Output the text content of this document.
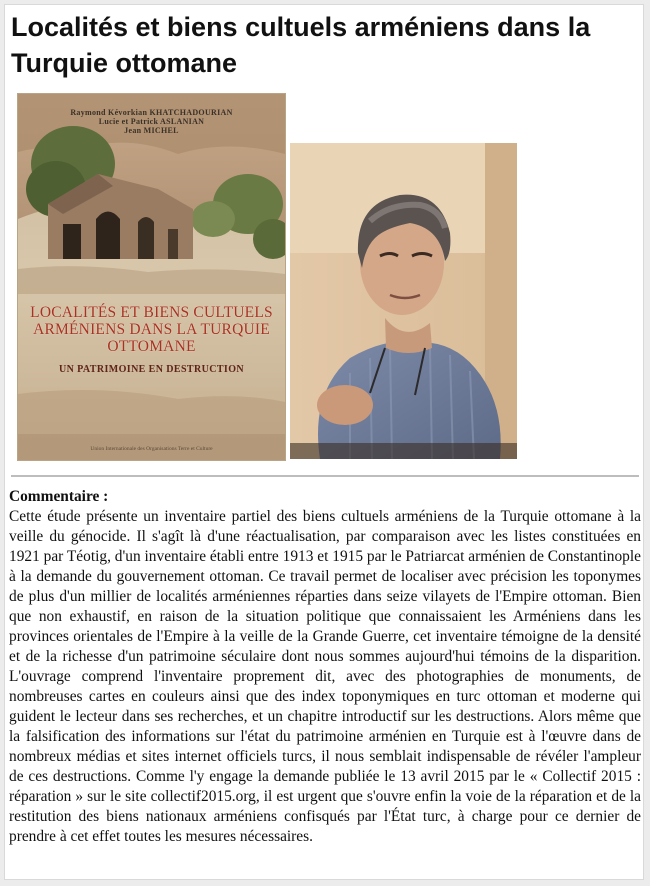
Localités et biens cultuels arméniens dans la Turquie ottomane
Raymond Kévorkian KHATCHADOURIAN
Lucie et Patrick ASLANIAN
Jean MICHEL
LOCALITÉS ET BIENS CULTUELS ARMÉNIENS DANS LA TURQUIE OTTOMANE
UN PATRIMOINE EN DESTRUCTION
Union Internationale des Organisations Terre et Culture

Commentaire :

Cette étude présente un inventaire partiel des biens cultuels arméniens de la Turquie ottomane à la veille du génocide. Il s'agît là d'une réactualisation, par comparaison avec les listes constituées en 1921 par Téotig, d'un inventaire établi entre 1913 et 1915 par le Patriarcat arménien de Constantinople à la demande du gouvernement ottoman. Ce travail permet de localiser avec précision les toponymes de plus d'un millier de localités arméniennes réparties dans seize vilayets de l'Empire ottoman. Bien que non exhaustif, en raison de la situation politique que connaissaient les Arméniens dans les provinces orientales de l'Empire à la veille de la Grande Guerre, cet inventaire témoigne de la densité et de la richesse d'un patrimoine séculaire dont nous sommes aujourd'hui témoins de la disparition. L'ouvrage comprend l'inventaire proprement dit, avec des photographies de monuments, de nombreuses cartes en couleurs ainsi que des index toponymiques en turc ottoman et moderne qui guident le lecteur dans ses recherches, et un chapitre introductif sur les destructions. Alors même que la falsification des informations sur l'état du patrimoine arménien en Turquie est à l'œuvre dans de nombreux médias et sites internet officiels turcs, il nous semblait indispensable de révéler l'ampleur de ces destructions. Comme l'y engage la demande publiée le 13 avril 2015 par le « Collectif 2015 : réparation » sur le site collectif2015.org, il est urgent que s'ouvre enfin la voie de la réparation et de la restitution des biens nationaux arméniens confisqués par l'État turc, à charge pour ce dernier de prendre à cet effet toutes les mesures nécessaires.
